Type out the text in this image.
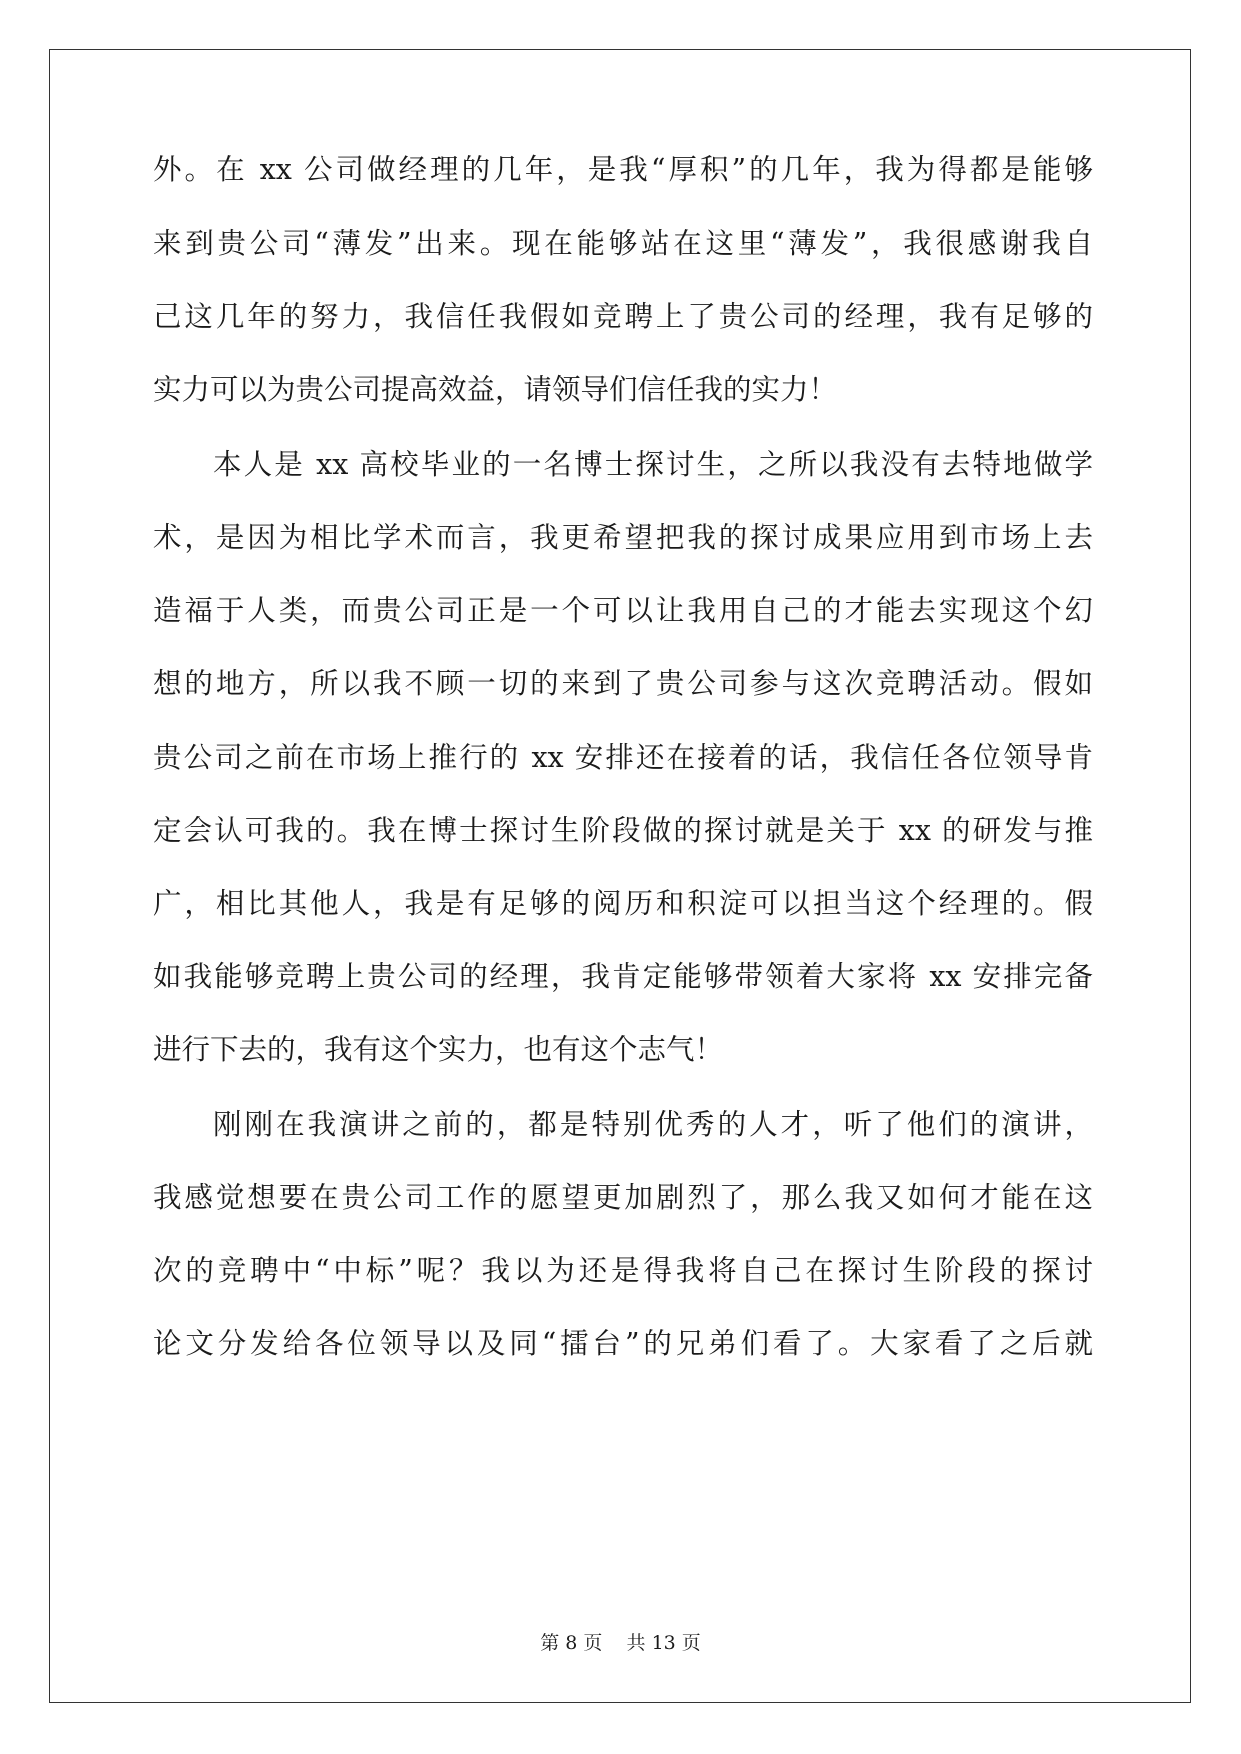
外。在 xx 公司做经理的几年，是我“厚积”的几年，我为得都是能够
来到贵公司“薄发”出来。现在能够站在这里“薄发”，我很感谢我自
己这几年的努力，我信任我假如竞聘上了贵公司的经理，我有足够的
实力可以为贵公司提高效益，请领导们信任我的实力！
本人是 xx 高校毕业的一名博士探讨生，之所以我没有去特地做学
术，是因为相比学术而言，我更希望把我的探讨成果应用到市场上去
造福于人类，而贵公司正是一个可以让我用自己的才能去实现这个幻
想的地方，所以我不顾一切的来到了贵公司参与这次竞聘活动。假如
贵公司之前在市场上推行的 xx 安排还在接着的话，我信任各位领导肯
定会认可我的。我在博士探讨生阶段做的探讨就是关于 xx 的研发与推
广，相比其他人，我是有足够的阅历和积淀可以担当这个经理的。假
如我能够竞聘上贵公司的经理，我肯定能够带领着大家将 xx 安排完备
进行下去的，我有这个实力，也有这个志气！
刚刚在我演讲之前的，都是特别优秀的人才，听了他们的演讲，
我感觉想要在贵公司工作的愿望更加剧烈了，那么我又如何才能在这
次的竞聘中“中标”呢？我以为还是得我将自己在探讨生阶段的探讨
论文分发给各位领导以及同“擂台”的兄弟们看了。大家看了之后就
第 8 页    共 13 页
